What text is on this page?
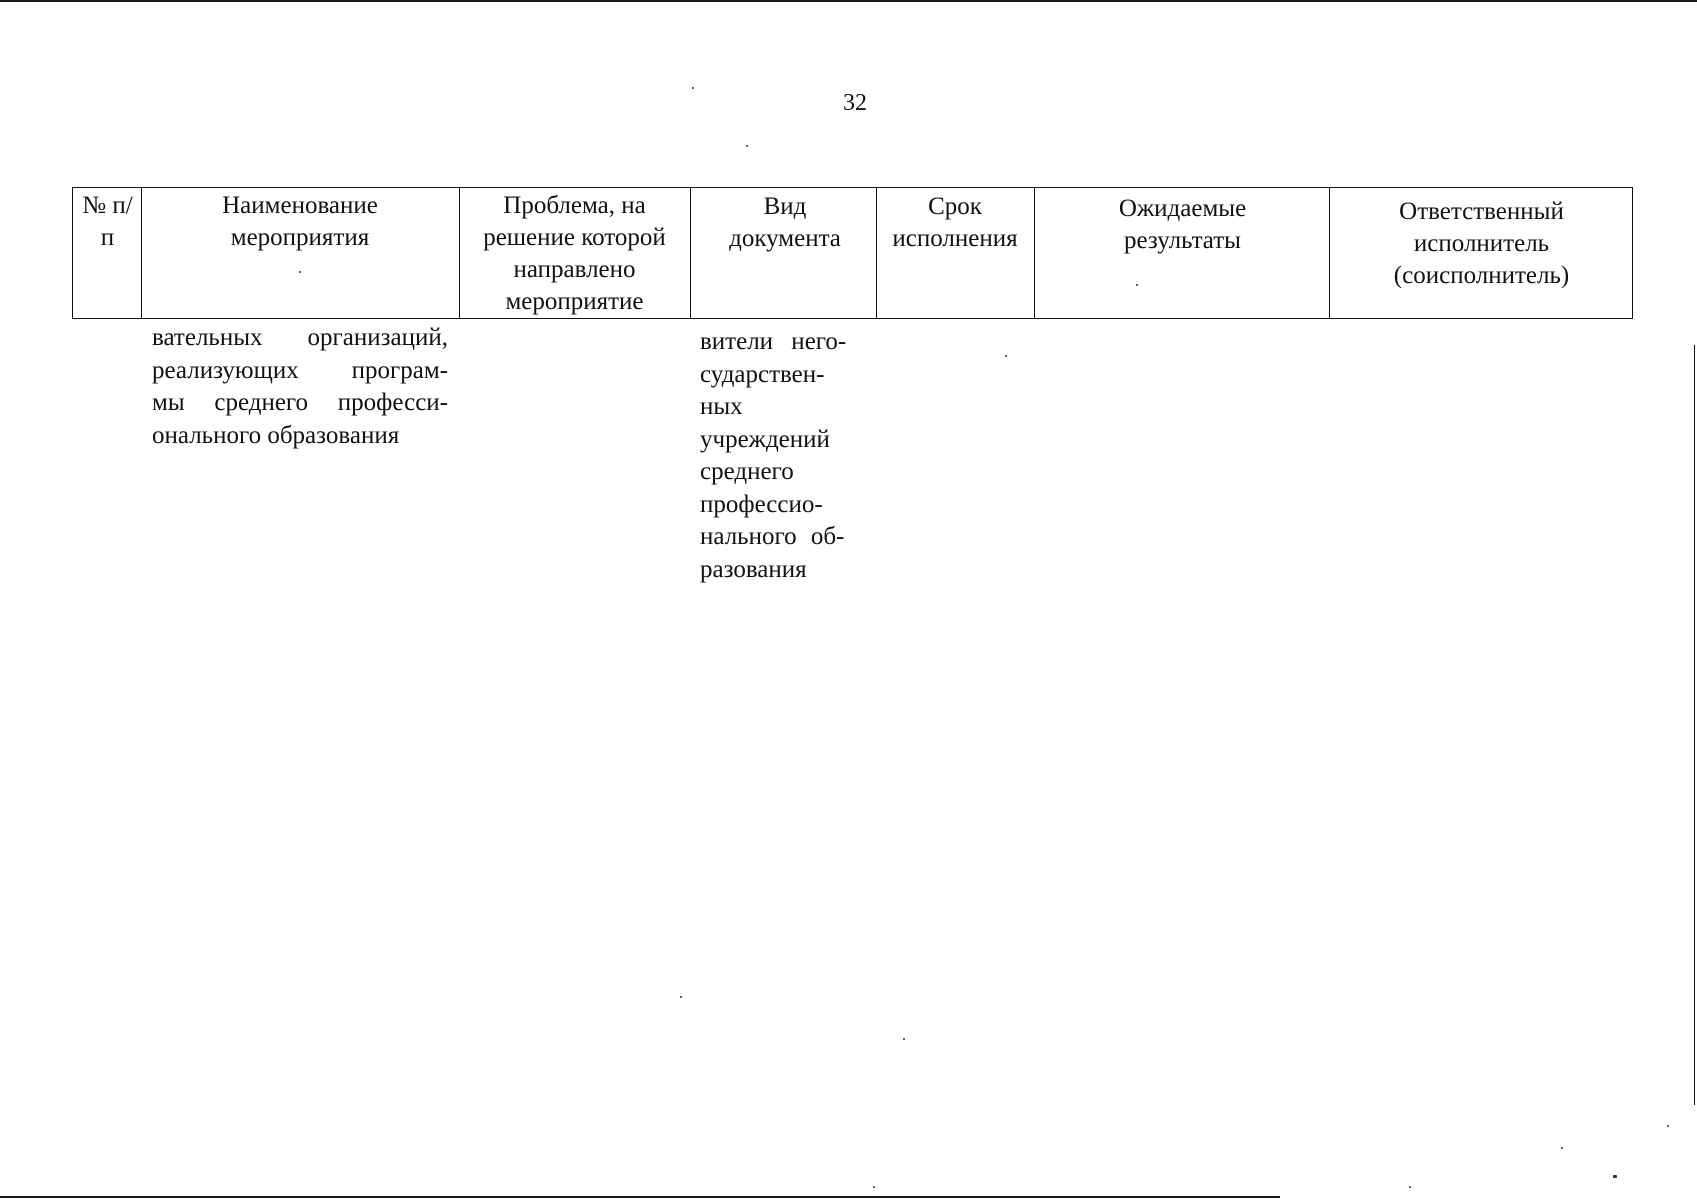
32
№ п/п
Наименование мероприятия
Проблема, на решение которой направлено мероприятие
Вид документа
Срок исполнения
Ожидаемые результаты
Ответственный исполнитель (соисполнитель)
вательных организаций,
реализующих програм-
мы среднего професси-
онального образования
вители него-
сударствен-
ных
учреждений
среднего
профессио-
нального об-
разования
